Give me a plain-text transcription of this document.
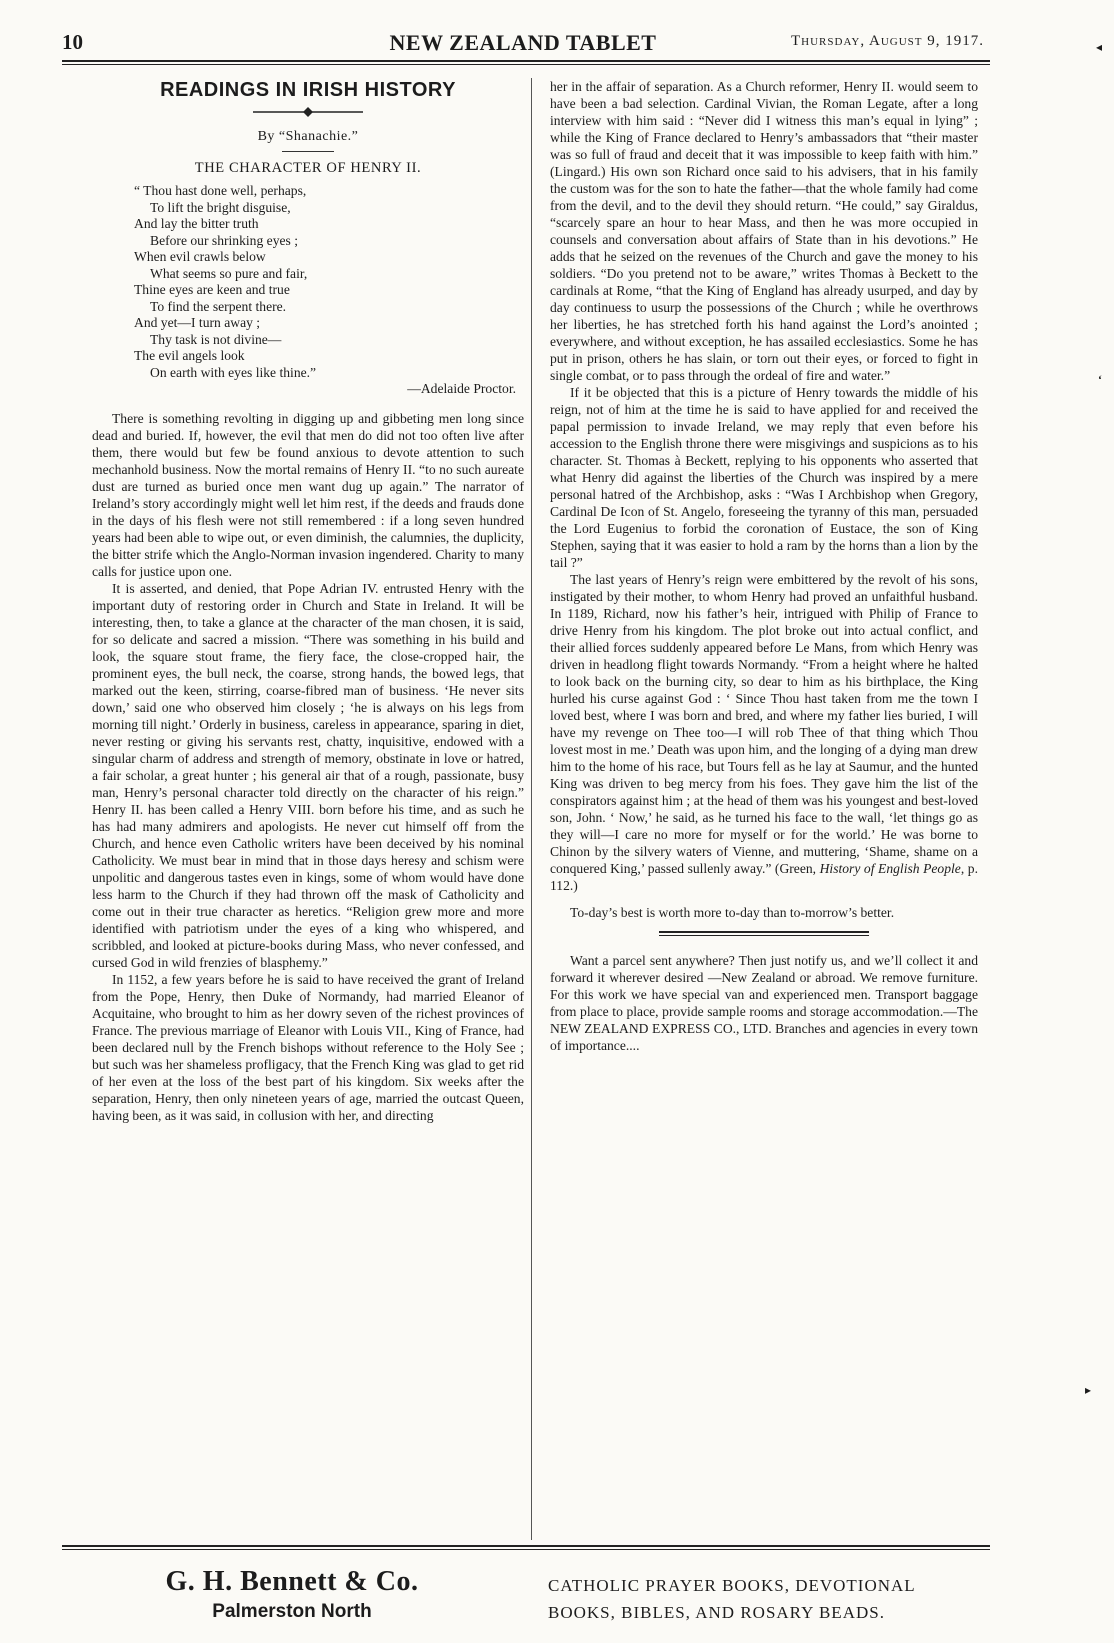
10	NEW ZEALAND TABLET	Thursday, August 9, 1917.
READINGS IN IRISH HISTORY
By “Shanachie.”
THE CHARACTER OF HENRY II.
“ Thou hast done well, perhaps,
To lift the bright disguise,
And lay the bitter truth
Before our shrinking eyes ;
When evil crawls below
What seems so pure and fair,
Thine eyes are keen and true
To find the serpent there.
And yet—I turn away ;
Thy task is not divine—
The evil angels look
On earth with eyes like thine.”
—Adelaide Proctor.

There is something revolting in digging up and gibbeting men long since dead and buried. If, however, the evil that men do did not too often live after them, there would but few be found anxious to devote attention to such mechanhold business. Now the mortal remains of Henry II. “to no such aureate dust are turned as buried once men want dug up again.” The narrator of Ireland’s story accordingly might well let him rest, if the deeds and frauds done in the days of his flesh were not still remembered : if a long seven hundred years had been able to wipe out, or even diminish, the calumnies, the duplicity, the bitter strife which the Anglo-Norman invasion ingendered. Charity to many calls for justice upon one.

It is asserted, and denied, that Pope Adrian IV. entrusted Henry with the important duty of restoring order in Church and State in Ireland. It will be interesting, then, to take a glance at the character of the man chosen, it is said, for so delicate and sacred a mission. “There was something in his build and look, the square stout frame, the fiery face, the close-cropped hair, the prominent eyes, the bull neck, the coarse, strong hands, the bowed legs, that marked out the keen, stirring, coarse-fibred man of business. ‘He never sits down,’ said one who observed him closely ; ‘he is always on his legs from morning till night.’ Orderly in business, careless in appearance, sparing in diet, never resting or giving his servants rest, chatty, inquisitive, endowed with a singular charm of address and strength of memory, obstinate in love or hatred, a fair scholar, a great hunter ; his general air that of a rough, passionate, busy man, Henry’s personal character told directly on the character of his reign.” Henry II. has been called a Henry VIII. born before his time, and as such he has had many admirers and apologists. He never cut himself off from the Church, and hence even Catholic writers have been deceived by his nominal Catholicity. We must bear in mind that in those days heresy and schism were unpolitic and dangerous tastes even in kings, some of whom would have done less harm to the Church if they had thrown off the mask of Catholicity and come out in their true character as heretics. “Religion grew more and more identified with patriotism under the eyes of a king who whispered, and scribbled, and looked at picture-books during Mass, who never confessed, and cursed God in wild frenzies of blasphemy.”

In 1152, a few years before he is said to have received the grant of Ireland from the Pope, Henry, then Duke of Normandy, had married Eleanor of Acquitaine, who brought to him as her dowry seven of the richest provinces of France. The previous marriage of Eleanor with Louis VII., King of France, had been declared null by the French bishops without reference to the Holy See ; but such was her shameless profligacy, that the French King was glad to get rid of her even at the loss of the best part of his kingdom. Six weeks after the separation, Henry, then only nineteen years of age, married the outcast Queen, having been, as it was said, in collusion with her, and directing

her in the affair of separation. As a Church reformer, Henry II. would seem to have been a bad selection. Cardinal Vivian, the Roman Legate, after a long interview with him said : “Never did I witness this man’s equal in lying” ; while the King of France declared to Henry’s ambassadors that “their master was so full of fraud and deceit that it was impossible to keep faith with him.” (Lingard.) His own son Richard once said to his advisers, that in his family the custom was for the son to hate the father—that the whole family had come from the devil, and to the devil they should return. “He could,” say Giraldus, “scarcely spare an hour to hear Mass, and then he was more occupied in counsels and conversation about affairs of State than in his devotions.” He adds that he seized on the revenues of the Church and gave the money to his soldiers. “Do you pretend not to be aware,” writes Thomas à Beckett to the cardinals at Rome, “that the King of England has already usurped, and day by day continuess to usurp the possessions of the Church ; while he overthrows her liberties, he has stretched forth his hand against the Lord’s anointed ; everywhere, and without exception, he has assailed ecclesiastics. Some he has put in prison, others he has slain, or torn out their eyes, or forced to fight in single combat, or to pass through the ordeal of fire and water.”

If it be objected that this is a picture of Henry towards the middle of his reign, not of him at the time he is said to have applied for and received the papal permission to invade Ireland, we may reply that even before his accession to the English throne there were misgivings and suspicions as to his character. St. Thomas à Beckett, replying to his opponents who asserted that what Henry did against the liberties of the Church was inspired by a mere personal hatred of the Archbishop, asks : “Was I Archbishop when Gregory, Cardinal De Icon of St. Angelo, foreseeing the tyranny of this man, persuaded the Lord Eugenius to forbid the coronation of Eustace, the son of King Stephen, saying that it was easier to hold a ram by the horns than a lion by the tail ?”

The last years of Henry’s reign were embittered by the revolt of his sons, instigated by their mother, to whom Henry had proved an unfaithful husband. In 1189, Richard, now his father’s heir, intrigued with Philip of France to drive Henry from his kingdom. The plot broke out into actual conflict, and their allied forces suddenly appeared before Le Mans, from which Henry was driven in headlong flight towards Normandy. “From a height where he halted to look back on the burning city, so dear to him as his birthplace, the King hurled his curse against God : ‘ Since Thou hast taken from me the town I loved best, where I was born and bred, and where my father lies buried, I will have my revenge on Thee too—I will rob Thee of that thing which Thou lovest most in me.’ Death was upon him, and the longing of a dying man drew him to the home of his race, but Tours fell as he lay at Saumur, and the hunted King was driven to beg mercy from his foes. They gave him the list of the conspirators against him ; at the head of them was his youngest and best-loved son, John. ‘ Now,’ he said, as he turned his face to the wall, ‘let things go as they will—I care no more for myself or for the world.’ He was borne to Chinon by the silvery waters of Vienne, and muttering, ‘Shame, shame on a conquered King,’ passed sullenly away.” (Green, History of English People, p. 112.)

To-day’s best is worth more to-day than to-morrow’s better.

Want a parcel sent anywhere? Then just notify us, and we’ll collect it and forward it wherever desired —New Zealand or abroad. We remove furniture. For this work we have special van and experienced men. Transport baggage from place to place, provide sample rooms and storage accommodation.—The NEW ZEALAND EXPRESS CO., LTD. Branches and agencies in every town of importance....

G. H. Bennett & Co.
Palmerston North
CATHOLIC PRAYER BOOKS, DEVOTIONAL
BOOKS, BIBLES, AND ROSARY BEADS.
◂
‘
▸
